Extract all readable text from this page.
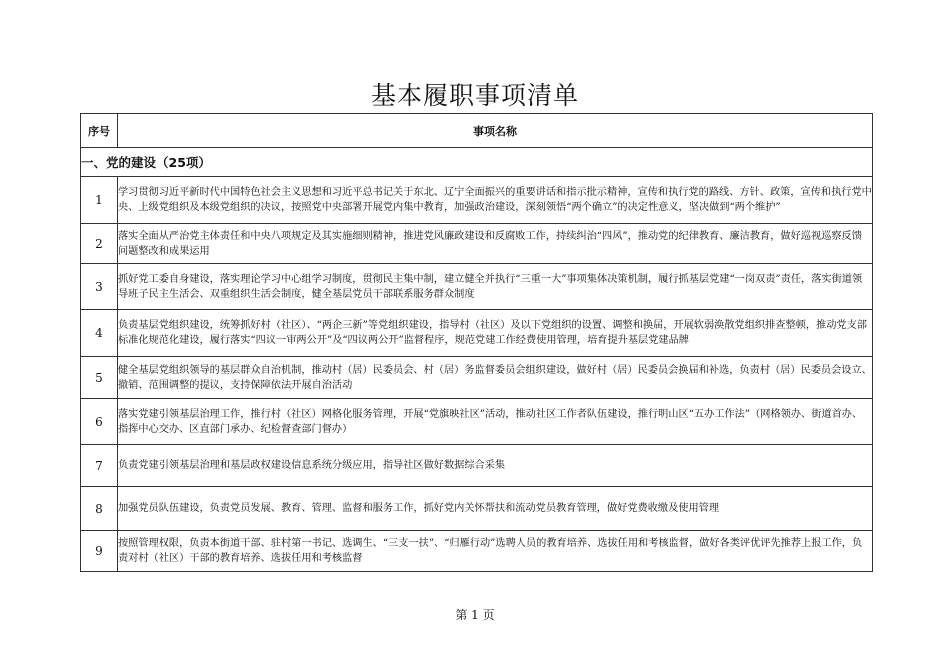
基本履职事项清单
序号	事项名称
一、党的建设（25项）	
1	学习贯彻习近平新时代中国特色社会主义思想和习近平总书记关于东北、辽宁全面振兴的重要讲话和指示批示精神，宣传和执行党的路线、方针、政策，宣传和执行党中央、上级党组织及本级党组织的决议，按照党中央部署开展党内集中教育，加强政治建设，深刻领悟“两个确立”的决定性意义，坚决做到“两个维护”
2	落实全面从严治党主体责任和中央八项规定及其实施细则精神，推进党风廉政建设和反腐败工作，持续纠治“四风”，推动党的纪律教育、廉洁教育，做好巡视巡察反馈问题整改和成果运用
3	抓好党工委自身建设，落实理论学习中心组学习制度，贯彻民主集中制，建立健全并执行“三重一大”事项集体决策机制，履行抓基层党建“一岗双责”责任，落实街道领导班子民主生活会、双重组织生活会制度，健全基层党员干部联系服务群众制度
4	负责基层党组织建设，统筹抓好村（社区）、“两企三新”等党组织建设，指导村（社区）及以下党组织的设置、调整和换届，开展软弱涣散党组织排查整顿，推动党支部标准化规范化建设，履行落实“四议一审两公开”及“四议两公开”监督程序，规范党建工作经费使用管理，培育提升基层党建品牌
5	健全基层党组织领导的基层群众自治机制，推动村（居）民委员会、村（居）务监督委员会组织建设，做好村（居）民委员会换届和补选，负责村（居）民委员会设立、撤销、范围调整的提议，支持保障依法开展自治活动
6	落实党建引领基层治理工作，推行村（社区）网格化服务管理，开展“党旗映社区”活动，推动社区工作者队伍建设，推行明山区“五办工作法”（网格领办、街道首办、指挥中心交办、区直部门承办、纪检督查部门督办）
7	负责党建引领基层治理和基层政权建设信息系统分级应用，指导社区做好数据综合采集
8	加强党员队伍建设，负责党员发展、教育、管理、监督和服务工作，抓好党内关怀帮扶和流动党员教育管理，做好党费收缴及使用管理
9	按照管理权限，负责本街道干部、驻村第一书记、选调生、“三支一扶”、“归雁行动”选聘人员的教育培养、选拔任用和考核监督，做好各类评优评先推荐上报工作，负责对村（社区）干部的教育培养、选拔任用和考核监督
第 1 页
